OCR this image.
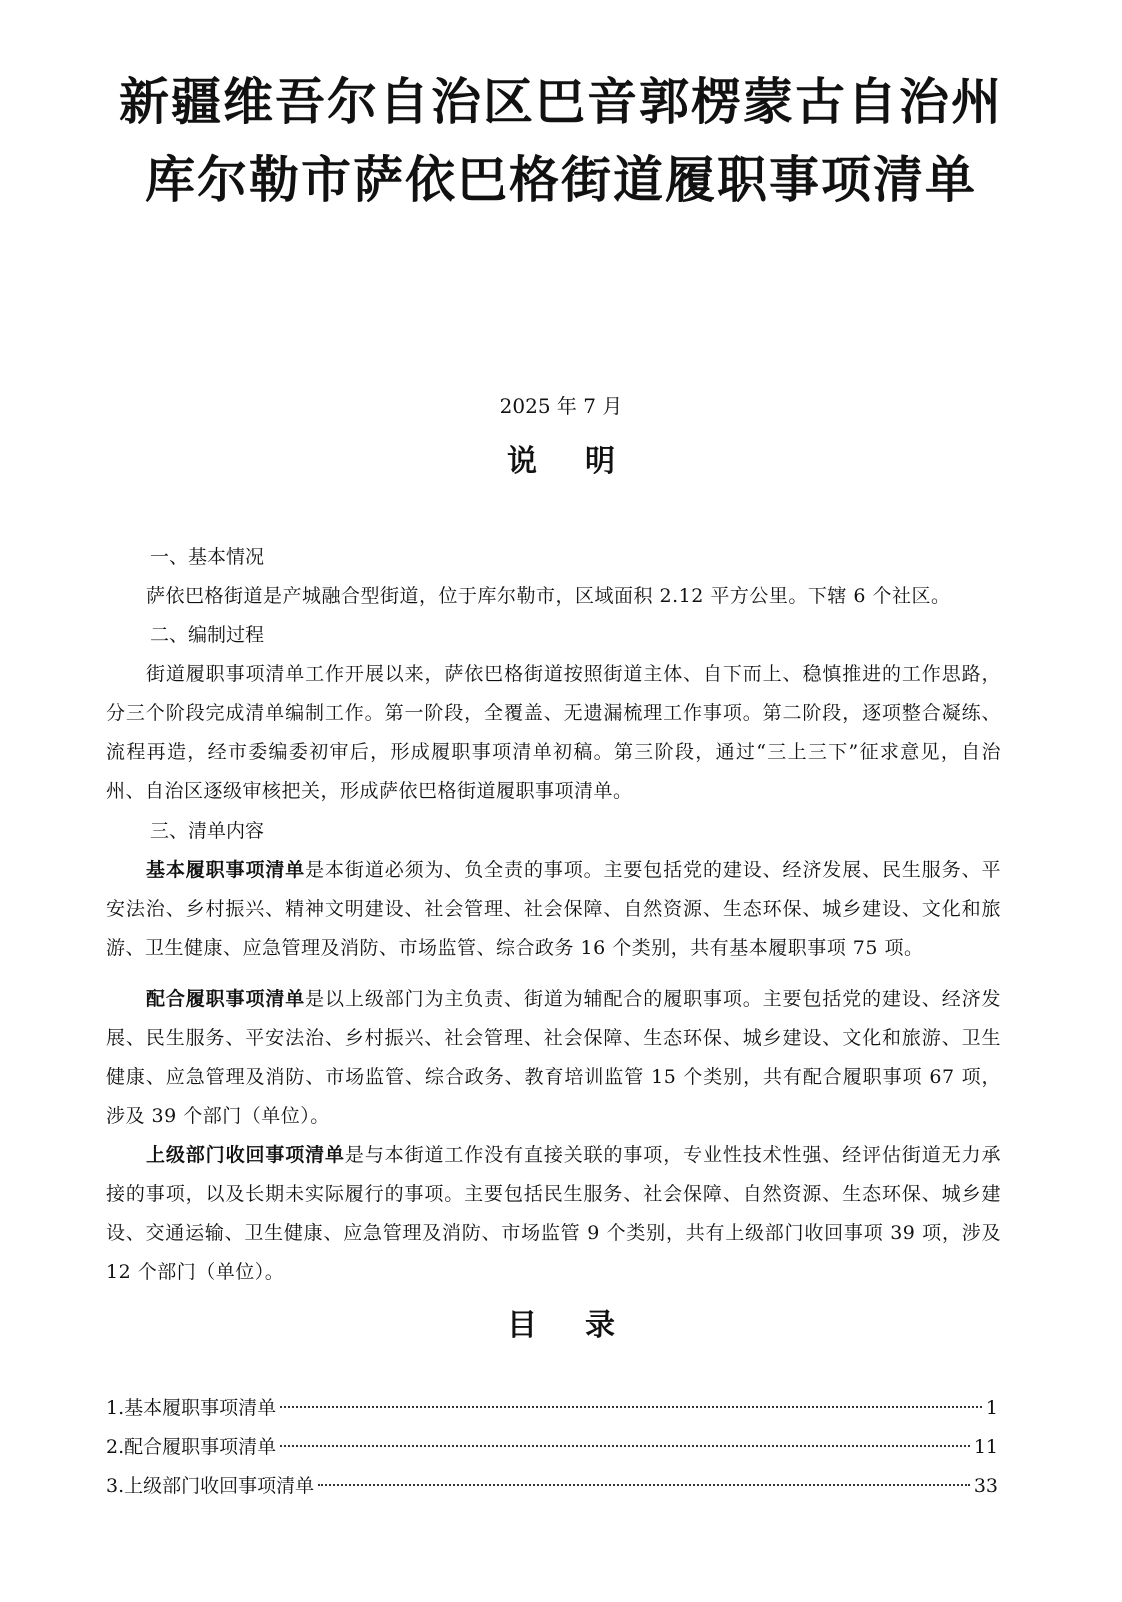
新疆维吾尔自治区巴音郭楞蒙古自治州
库尔勒市萨依巴格街道履职事项清单
2025 年 7 月
说明
一、基本情况
萨依巴格街道是产城融合型街道，位于库尔勒市，区域面积 2.12 平方公里。下辖 6 个社区。
二、编制过程
街道履职事项清单工作开展以来，萨依巴格街道按照街道主体、自下而上、稳慎推进的工作思路，分三个阶段完成清单编制工作。第一阶段，全覆盖、无遗漏梳理工作事项。第二阶段，逐项整合凝练、流程再造，经市委编委初审后，形成履职事项清单初稿。第三阶段，通过“三上三下”征求意见，自治州、自治区逐级审核把关，形成萨依巴格街道履职事项清单。
三、清单内容
基本履职事项清单是本街道必须为、负全责的事项。主要包括党的建设、经济发展、民生服务、平安法治、乡村振兴、精神文明建设、社会管理、社会保障、自然资源、生态环保、城乡建设、文化和旅游、卫生健康、应急管理及消防、市场监管、综合政务 16 个类别，共有基本履职事项 75 项。
配合履职事项清单是以上级部门为主负责、街道为辅配合的履职事项。主要包括党的建设、经济发展、民生服务、平安法治、乡村振兴、社会管理、社会保障、生态环保、城乡建设、文化和旅游、卫生健康、应急管理及消防、市场监管、综合政务、教育培训监管 15 个类别，共有配合履职事项 67 项，涉及 39 个部门（单位）。
上级部门收回事项清单是与本街道工作没有直接关联的事项，专业性技术性强、经评估街道无力承接的事项，以及长期未实际履行的事项。主要包括民生服务、社会保障、自然资源、生态环保、城乡建设、交通运输、卫生健康、应急管理及消防、市场监管 9 个类别，共有上级部门收回事项 39 项，涉及 12 个部门（单位）。
目录
1.基本履职事项清单	1
2.配合履职事项清单	11
3.上级部门收回事项清单	33
